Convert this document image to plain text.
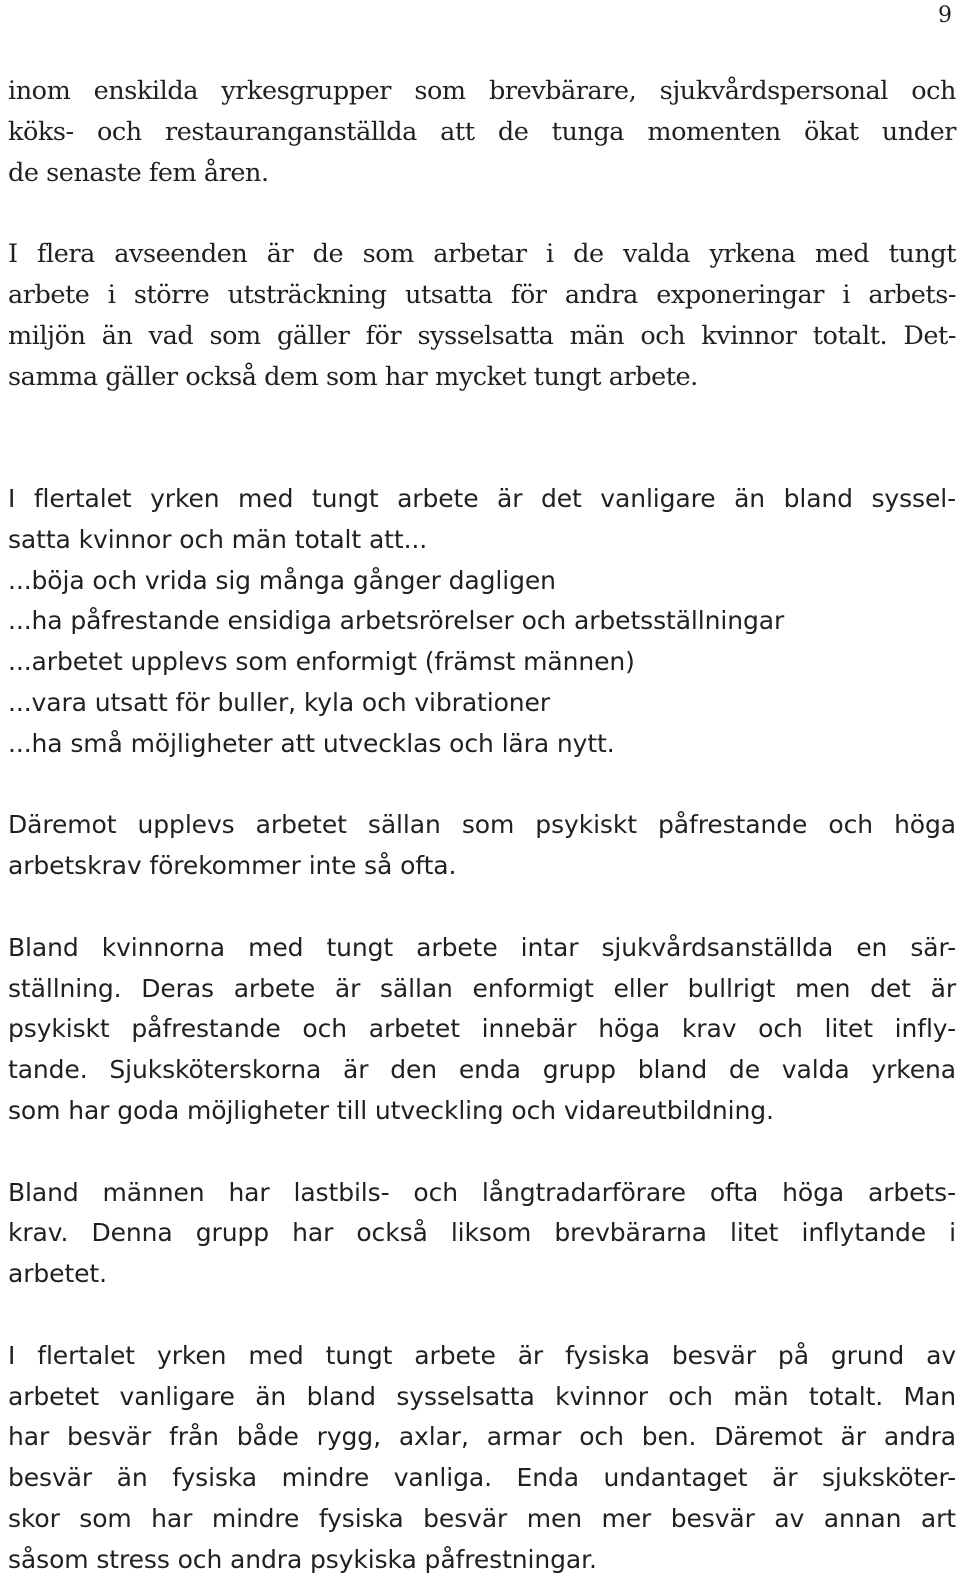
9

inom enskilda yrkesgrupper som brevbärare, sjukvårdspersonal och
köks- och restauranganställda att de tunga momenten ökat under
de senaste fem åren.

I flera avseenden är de som arbetar i de valda yrkena med tungt
arbete i större utsträckning utsatta för andra exponeringar i arbets-
miljön än vad som gäller för sysselsatta män och kvinnor totalt. Det-
samma gäller också dem som har mycket tungt arbete.

I flertalet yrken med tungt arbete är det vanligare än bland syssel-
satta kvinnor och män totalt att...

...böja och vrida sig många gånger dagligen
...ha påfrestande ensidiga arbetsrörelser och arbetsställningar
...arbetet upplevs som enformigt (främst männen)
...vara utsatt för buller, kyla och vibrationer
...ha små möjligheter att utvecklas och lära nytt.

Däremot upplevs arbetet sällan som psykiskt påfrestande och höga
arbetskrav förekommer inte så ofta.

Bland kvinnorna med tungt arbete intar sjukvårdsanställda en sär-
ställning. Deras arbete är sällan enformigt eller bullrigt men det är
psykiskt påfrestande och arbetet innebär höga krav och litet infly-
tande. Sjuksköterskorna är den enda grupp bland de valda yrkena
som har goda möjligheter till utveckling och vidareutbildning.

Bland männen har lastbils- och långtradarförare ofta höga arbets-
krav. Denna grupp har också liksom brevbärarna litet inflytande i
arbetet.

I flertalet yrken med tungt arbete är fysiska besvär på grund av
arbetet vanligare än bland sysselsatta kvinnor och män totalt. Man
har besvär från både rygg, axlar, armar och ben. Däremot är andra
besvär än fysiska mindre vanliga. Enda undantaget är sjuksköter-
skor som har mindre fysiska besvär men mer besvär av annan art
såsom stress och andra psykiska påfrestningar.
